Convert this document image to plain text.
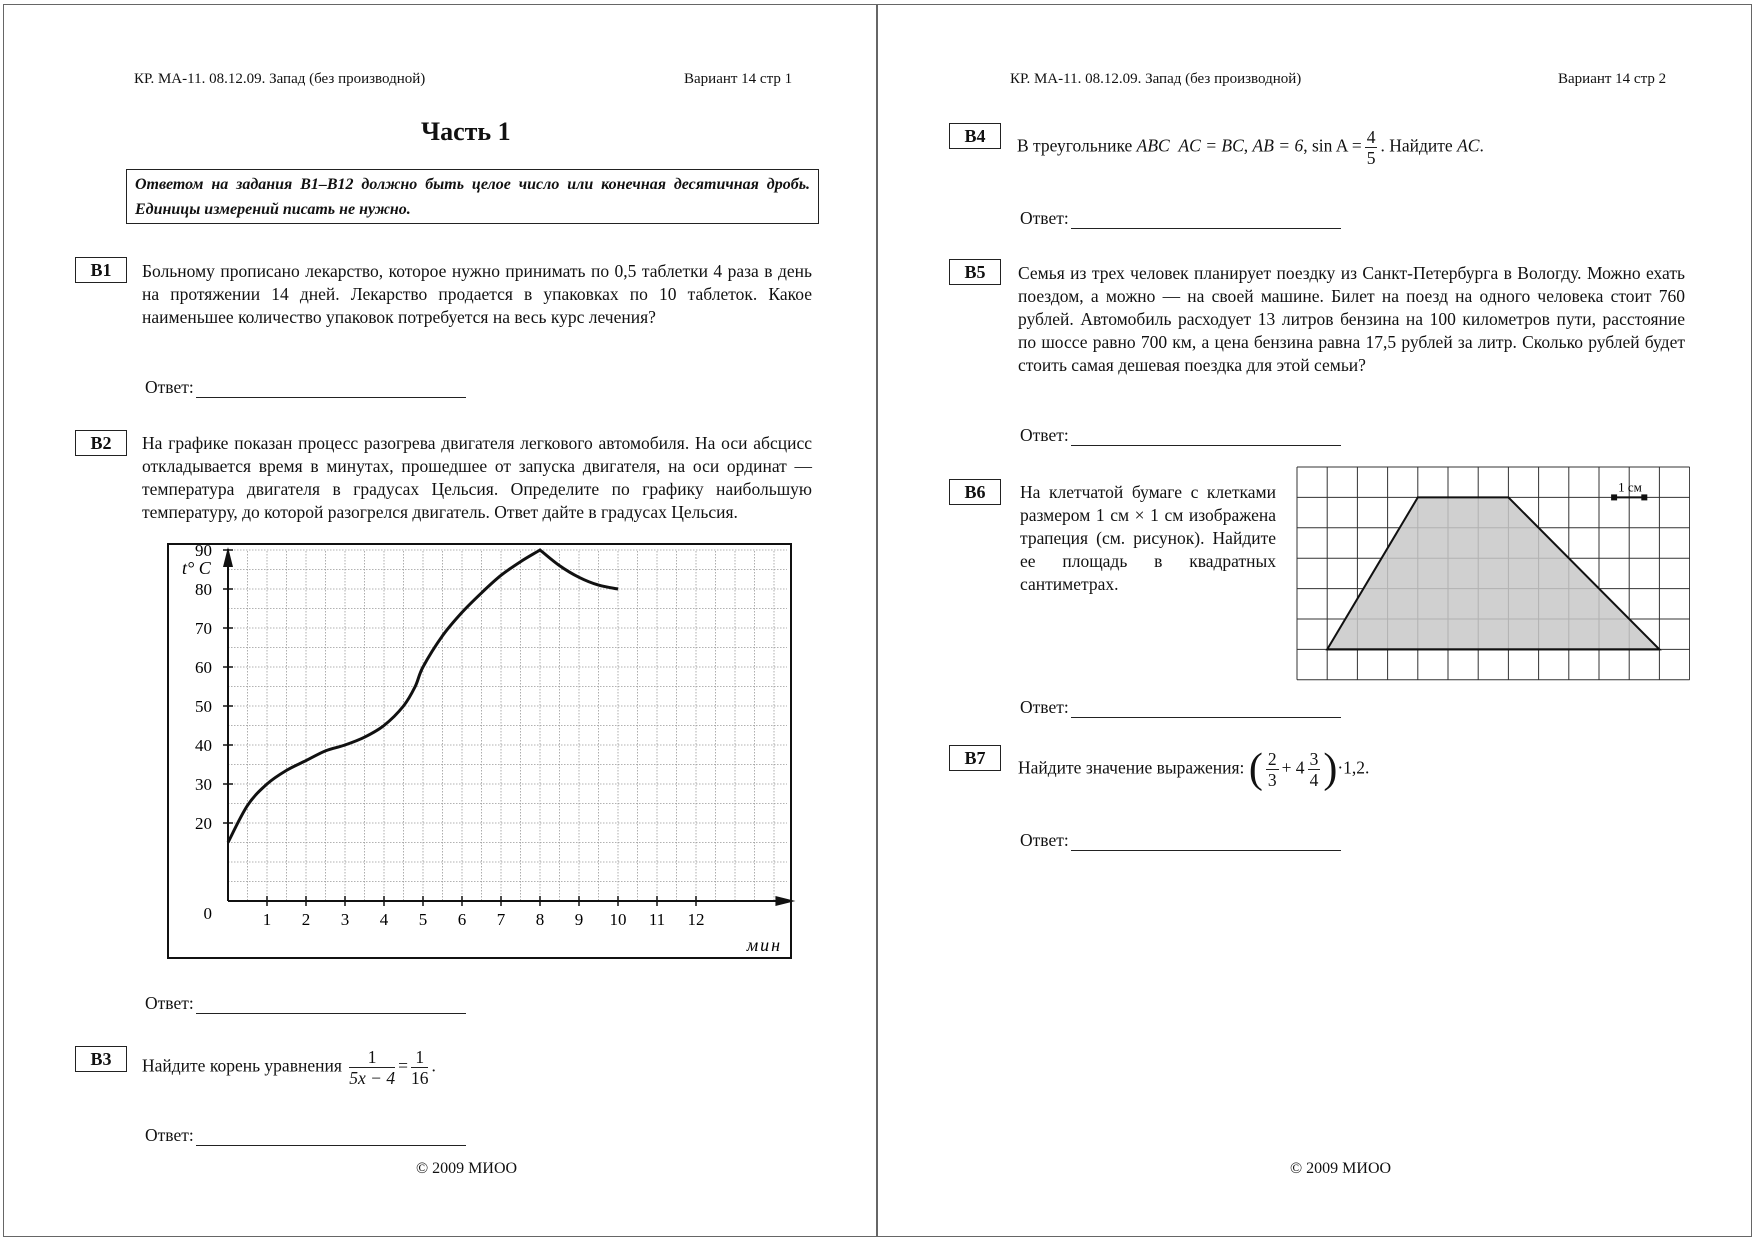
КР. МА-11. 08.12.09. Запад (без производной)	Вариант 14 стр 1
Часть 1
Ответом на задания В1–В12 должно быть целое число или конечная десятичная дробь. Единицы измерений писать не нужно.
В1	Больному прописано лекарство, которое нужно принимать по 0,5 таблетки 4 раза в день на протяжении 14 дней. Лекарство продается в упаковках по 10 таблеток. Какое наименьшее количество упаковок потребуется на весь курс лечения?
Ответ:
В2	На графике показан процесс разогрева двигателя легкового автомобиля. На оси абсцисс откладывается время в минутах, прошедшее от запуска двигателя, на оси ординат — температура двигателя в градусах Цельсия. Определите по графику наибольшую температуру, до которой разогрелся двигатель. Ответ дайте в градусах Цельсия.
1 2 3 4 5 6 7 8 9 10 11 12
20
30
40
50
60
70
80
90
0
t° C
мин
Ответ:
В3	Найдите корень уравнения $\frac{1}{5x - 4} = \frac{1}{16}$ .
Ответ:
© 2009 МИОО
КР. МА-11. 08.12.09. Запад (без производной)	Вариант 14 стр 2
В4	В треугольнике ABC AC = BC, AB = 6, $\sin A = \frac{4}{5}$ . Найдите AC.
Ответ:
В5	Семья из трех человек планирует поездку из Санкт-Петербурга в Вологду. Можно ехать поездом, а можно — на своей машине. Билет на поезд на одного человека стоит 760 рублей. Автомобиль расходует 13 литров бензина на 100 километров пути, расстояние по шоссе равно 700 км, а цена бензина равна 17,5 рублей за литр. Сколько рублей будет стоить самая дешевая поездка для этой семьи?
Ответ:
В6	На клетчатой бумаге с клетками размером 1 см × 1 см изображена трапеция (см. рисунок). Найдите ее площадь в квадратных сантиметрах.
1 см
Ответ:
В7	Найдите значение выражения: ( $\frac{2}{3} + 4 \frac{3}{4} )\cdot 1,2$.
Ответ:
© 2009 МИОО
